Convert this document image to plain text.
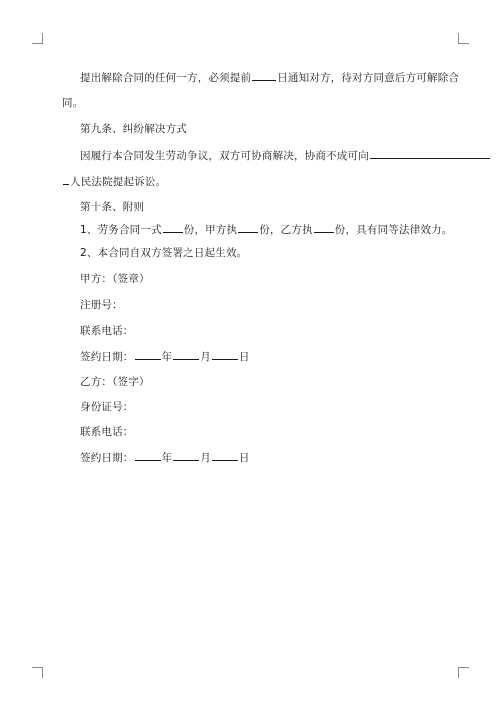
提出解除合同的任何一方，必须提前 日通知对方，待对方同意后方可解除合
同。
第九条、纠纷解决方式
因履行本合同发生劳动争议，双方可协商解决，协商不成可向
人民法院提起诉讼。
第十条、附则
1、劳务合同一式 份，甲方执 份，乙方执 份，具有同等法律效力。
2、本合同自双方签署之日起生效。
甲方：（签章）
注册号：
联系电话：
签约日期：	年	月	日
乙方：（签字）
身份证号：
联系电话：
签约日期：	年	月	日
